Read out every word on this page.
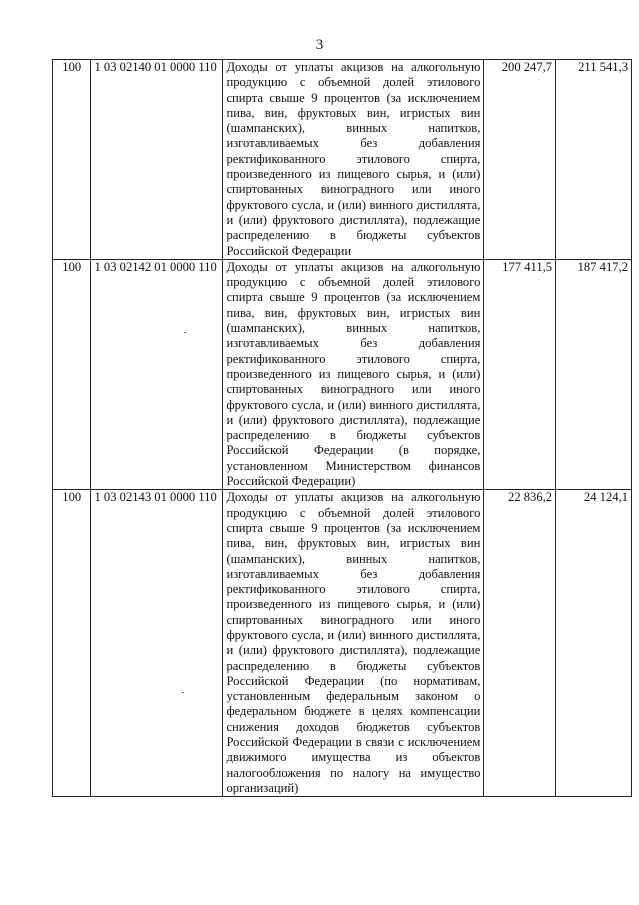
3
100	1 03 02140 01 0000 110	Доходы от уплаты акцизов на алкогольную продукцию с объемной долей этилового спирта свыше 9 процентов (за исключением пива, вин, фруктовых вин, игристых вин (шампанских), винных напитков, изготавливаемых без добавления ректификованного этилового спирта, произведенного из пищевого сырья, и (или) спиртованных виноградного или иного фруктового сусла, и (или) винного дистиллята, и (или) фруктового дистиллята), подлежащие распределению в бюджеты субъектов Российской Федерации	200 247,7	211 541,3
100	1 03 02142 01 0000 110	Доходы от уплаты акцизов на алкогольную продукцию с объемной долей этилового спирта свыше 9 процентов (за исключением пива, вин, фруктовых вин, игристых вин (шампанских), винных напитков, изготавливаемых без добавления ректификованного этилового спирта, произведенного из пищевого сырья, и (или) спиртованных виноградного или иного фруктового сусла, и (или) винного дистиллята, и (или) фруктового дистиллята), подлежащие распределению в бюджеты субъектов Российской Федерации (в порядке, установленном Министерством финансов Российской Федерации)	177 411,5	187 417,2
100	1 03 02143 01 0000 110	Доходы от уплаты акцизов на алкогольную продукцию с объемной долей этилового спирта свыше 9 процентов (за исключением пива, вин, фруктовых вин, игристых вин (шампанских), винных напитков, изготавливаемых без добавления ректификованного этилового спирта, произведенного из пищевого сырья, и (или) спиртованных виноградного или иного фруктового сусла, и (или) винного дистиллята, и (или) фруктового дистиллята), подлежащие распределению в бюджеты субъектов Российской Федерации (по нормативам, установленным федеральным законом о федеральном бюджете в целях компенсации снижения доходов бюджетов субъектов Российской Федерации в связи с исключением движимого имущества из объектов налогообложения по налогу на имущество организаций)	22 836,2	24 124,1
